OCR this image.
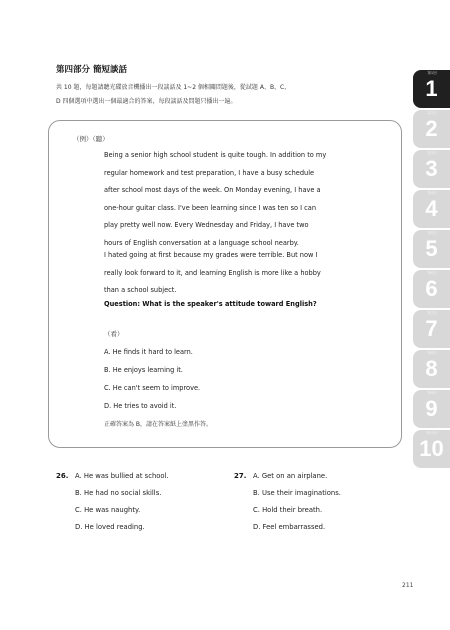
第四部分 簡短談話
共 10 題，每題請聽光碟放音機播出一段談話及 1~2 個相關問題後，從試題 A、B、C、
D 四個選項中選出一個最適合的答案，每段談話及問題只播出一遍。
（例）（聽）
Being a senior high school student is quite tough. In addition to my
regular homework and test preparation, I have a busy schedule
after school most days of the week. On Monday evening, I have a
one-hour guitar class. I've been learning since I was ten so I can
play pretty well now. Every Wednesday and Friday, I have two
hours of English conversation at a language school nearby.
I hated going at first because my grades were terrible. But now I
really look forward to it, and learning English is more like a hobby
than a school subject.
Question: What is the speaker's attitude toward English?
（看）
A. He finds it hard to learn.
B. He enjoys learning it.
C. He can't seem to improve.
D. He tries to avoid it.
正確答案為 B，請在答案紙上塗黑作答。
26. A. He was bullied at school.
B. He had no social skills.
C. He was naughty.
D. He loved reading.
27. A. Get on an airplane.
B. Use their imaginations.
C. Hold their breath.
D. Feel embarrassed.
第1回
1
第2回
2
第3回
3
第4回
4
第5回
5
第6回
6
第7回
7
第8回
8
第9回
9
第10回
10
211
